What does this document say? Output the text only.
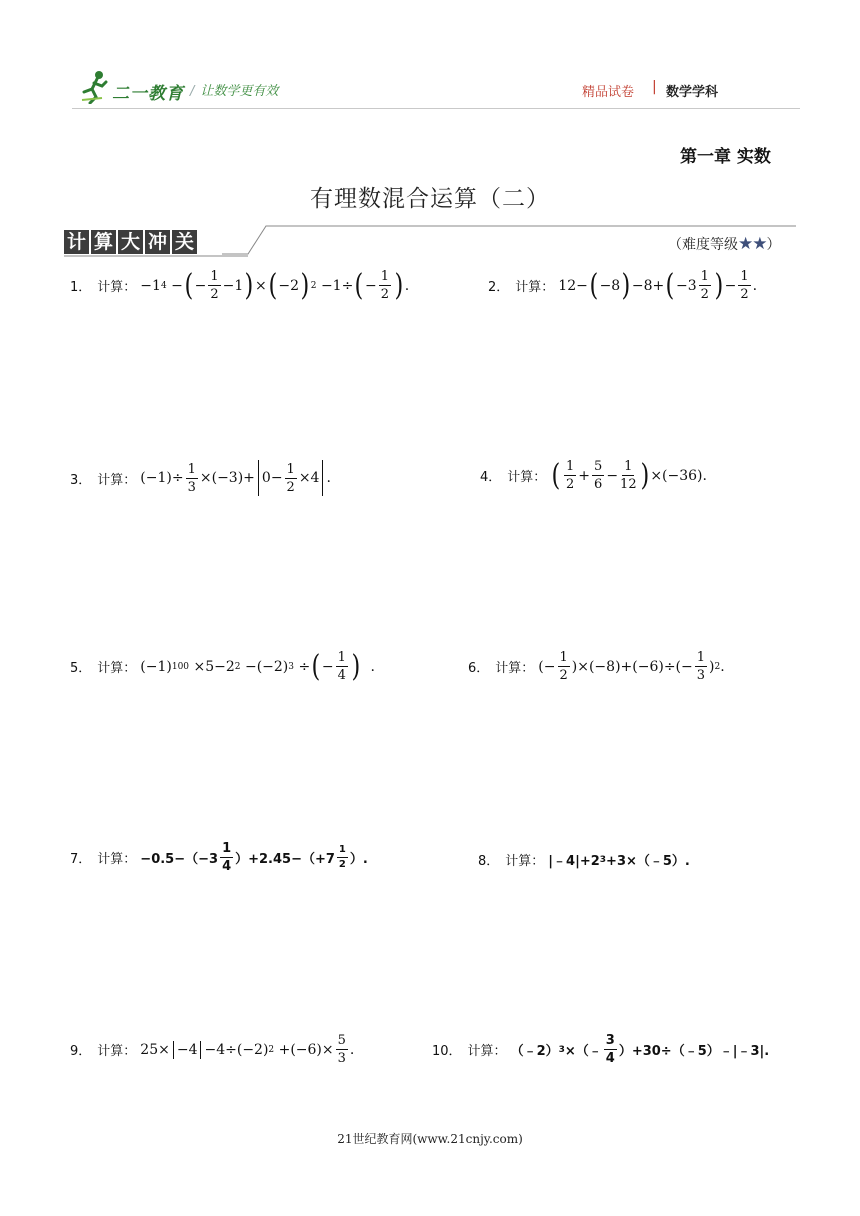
二一教育 / 让数学更有效	精品试卷 | 数学学科
第一章 实数
有理数混合运算（二）
计 算 大 冲 关	（难度等级★★）
1． 计算： −1 4 − ( − $\frac{1}{2} -1$ ) × ( −2 ) 2 −1÷ ( − $\frac{1}{2}$ ) .	2． 计算： 12− ( −8 ) −8+ ( $-3 \frac{1}{2}$ ) − $\frac{1}{2}$ .
3． 计算： $(-1)\div \frac{1}{3} \times(-3)+ 0- \frac{1}{2} \times 4$ .	4． 计算： ( $\frac{1}{2} + \frac{5}{6} - \frac{1}{12}$ ) ×(−36).
5． 计算： (−1) 100 ×5−2 2 −(−2) 3 ÷ ( − $\frac{1}{4}$ ) .	6． 计算： (− $\frac{1}{2} )\times(-8)+(-6)\div(- \frac{1}{3}$ ) 2 .
7． 计算： $-0.5-(-3 \frac{1}{4} )+2.45-(+7 \frac{1}{2}$ ）.	8． 计算： |﹣4|+2 3 +3×（﹣5）.
9． 计算： 25× −4 −4÷(−2) $2 +(-6)\times \frac{5}{3}$ .	10． 计算： （﹣2） 3 ×（﹣ $\frac{3}{4}$ ）+30÷（﹣5）﹣|﹣3|.
21世纪教育网(www.21cnjy.com)
